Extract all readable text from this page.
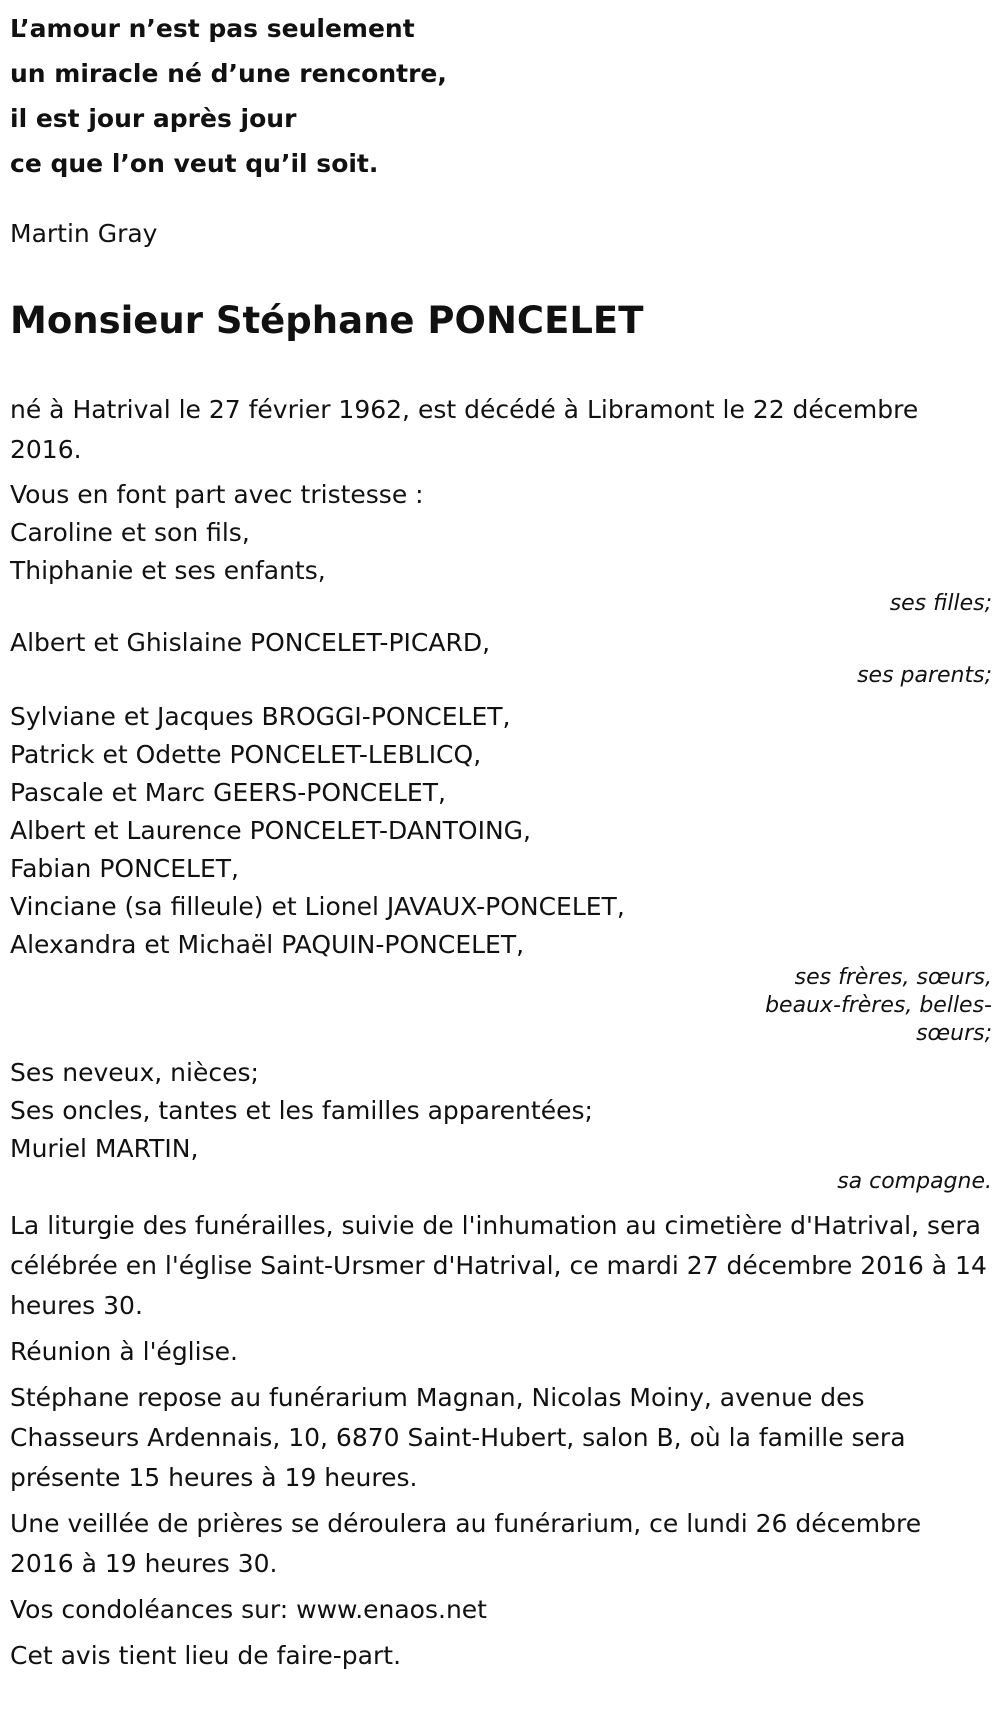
L’amour n’est pas seulement
un miracle né d’une rencontre,
il est jour après jour
ce que l’on veut qu’il soit.
Martin Gray
Monsieur Stéphane PONCELET
né à Hatrival le 27 février 1962, est décédé à Libramont le 22 décembre 2016.
Vous en font part avec tristesse :
Caroline et son fils,
Thiphanie et ses enfants,
ses filles;
Albert et Ghislaine PONCELET-PICARD,
ses parents;
Sylviane et Jacques BROGGI-PONCELET,
Patrick et Odette PONCELET-LEBLICQ,
Pascale et Marc GEERS-PONCELET,
Albert et Laurence PONCELET-DANTOING,
Fabian PONCELET,
Vinciane (sa filleule) et Lionel JAVAUX-PONCELET,
Alexandra et Michaël PAQUIN-PONCELET,
ses frères, sœurs,
beaux-frères, belles-
sœurs;
Ses neveux, nièces;
Ses oncles, tantes et les familles apparentées;
Muriel MARTIN,
sa compagne.
La liturgie des funérailles, suivie de l'inhumation au cimetière d'Hatrival, sera célébrée en l'église Saint-Ursmer d'Hatrival, ce mardi 27 décembre 2016 à 14 heures 30.
Réunion à l'église.
Stéphane repose au funérarium Magnan, Nicolas Moiny, avenue des Chasseurs Ardennais, 10, 6870 Saint-Hubert, salon B, où la famille sera présente 15 heures à 19 heures.
Une veillée de prières se déroulera au funérarium, ce lundi 26 décembre 2016 à 19 heures 30.
Vos condoléances sur: www.enaos.net
Cet avis tient lieu de faire-part.
